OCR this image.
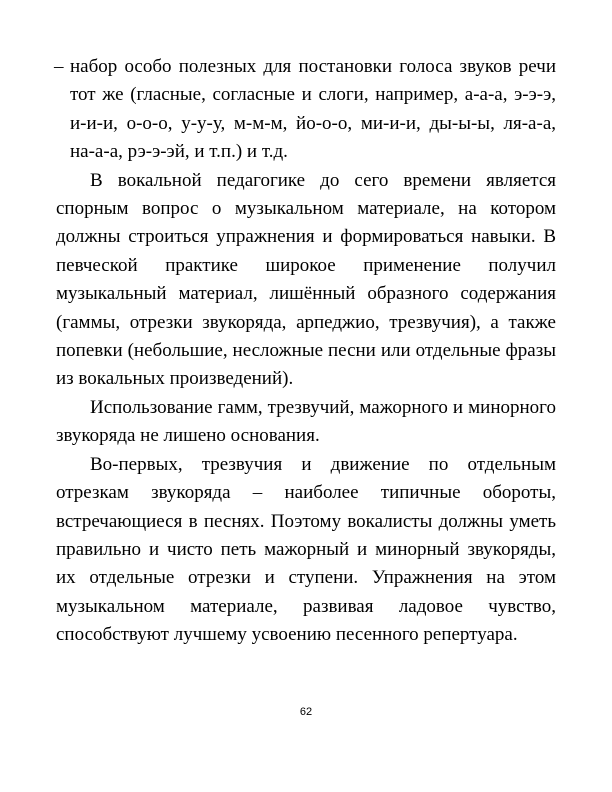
– набор особо полезных для постановки голоса звуков речи тот же (гласные, согласные и слоги, например, а-а-а, э-э-э, и-и-и, о-о-о, у-у-у, м-м-м, йо-о-о, ми-и-и, ды-ы-ы, ля-а-а, на-а-а, рэ-э-эй, и т.п.) и т.д.

В вокальной педагогике до сего времени является спорным вопрос о музыкальном материале, на котором должны строиться упражнения и формироваться навыки. В певческой практике широкое применение получил музыкальный материал, лишённый образного содержания (гаммы, отрезки звукоряда, арпеджио, трезвучия), а также попевки (небольшие, несложные песни или отдельные фразы из вокальных произведений).

Использование гамм, трезвучий, мажорного и минорного звукоряда не лишено основания.

Во-первых, трезвучия и движение по отдельным отрезкам звукоряда – наиболее типичные обороты, встречающиеся в песнях. Поэтому вокалисты должны уметь правильно и чисто петь мажорный и минорный звукоряды, их отдельные отрезки и ступени. Упражнения на этом музыкальном материале, развивая ладовое чувство, способствуют лучшему усвоению песенного репертуара.

62
